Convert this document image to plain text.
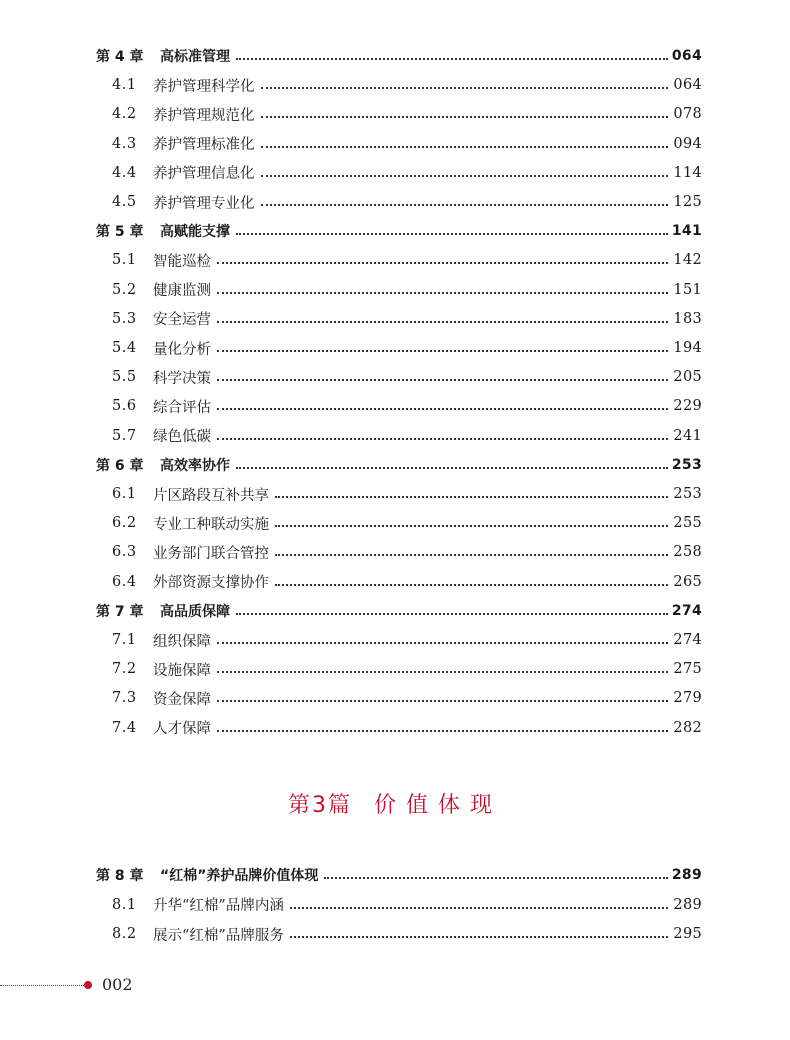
第 4 章 高标准管理	064
4.1	养护管理科学化	064
4.2	养护管理规范化	078
4.3	养护管理标准化	094
4.4	养护管理信息化	114
4.5	养护管理专业化	125
第 5 章 高赋能支撑	141
5.1	智能巡检	142
5.2	健康监测	151
5.3	安全运营	183
5.4	量化分析	194
5.5	科学决策	205
5.6	综合评估	229
5.7	绿色低碳	241
第 6 章 高效率协作	253
6.1	片区路段互补共享	253
6.2	专业工种联动实施	255
6.3	业务部门联合管控	258
6.4	外部资源支撑协作	265
第 7 章 高品质保障	274
7.1	组织保障	274
7.2	设施保障	275
7.3	资金保障	279
7.4	人才保障	282
第 8 章 “红棉”养护品牌价值体现	289
8.1	升华“红棉”品牌内涵	289
8.2	展示“红棉”品牌服务	295
第3篇 价值体现
002
